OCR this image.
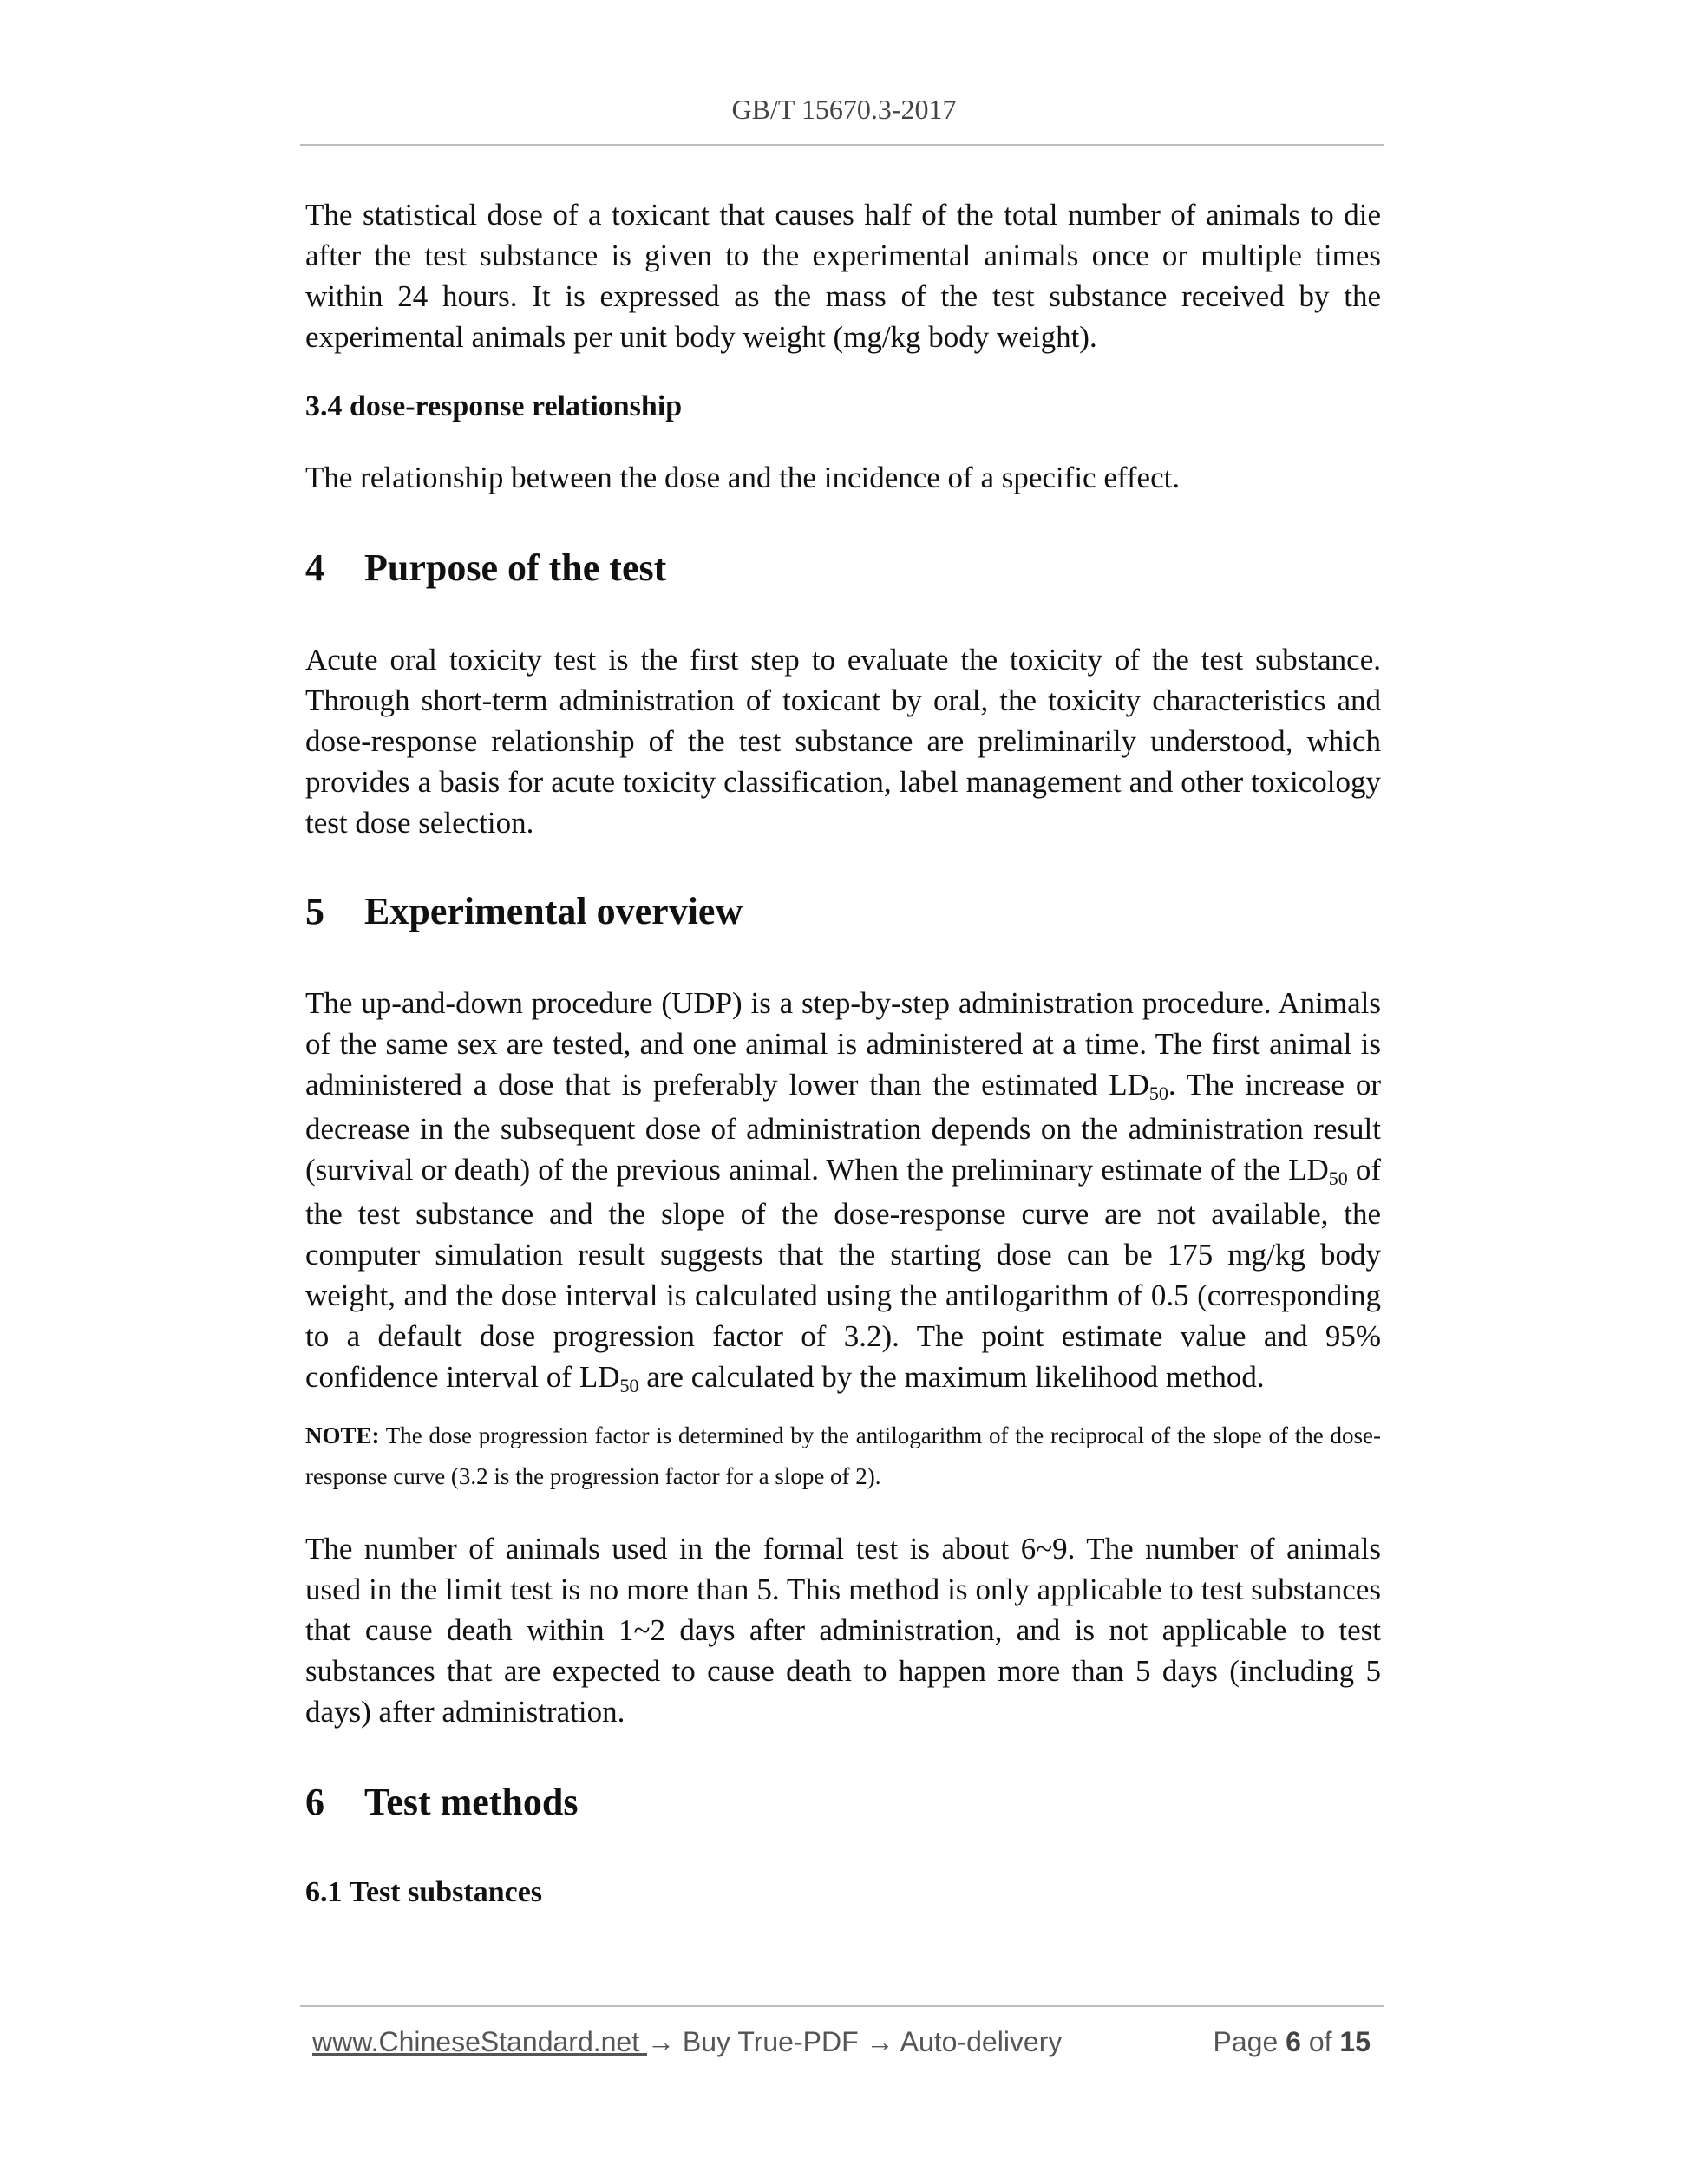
GB/T 15670.3-2017

The statistical dose of a toxicant that causes half of the total number of animals to die after the test substance is given to the experimental animals once or multiple times within 24 hours. It is expressed as the mass of the test substance received by the experimental animals per unit body weight (mg/kg body weight).

3.4 dose-response relationship

The relationship between the dose and the incidence of a specific effect.

4	Purpose of the test

Acute oral toxicity test is the first step to evaluate the toxicity of the test substance. Through short-term administration of toxicant by oral, the toxicity characteristics and dose-response relationship of the test substance are preliminarily understood, which provides a basis for acute toxicity classification, label management and other toxicology test dose selection.

5	Experimental overview

The up-and-down procedure (UDP) is a step-by-step administration procedure. Animals of the same sex are tested, and one animal is administered at a time. The first animal is administered a dose that is preferably lower than the estimated LD50. The increase or decrease in the subsequent dose of administration depends on the administration result (survival or death) of the previous animal. When the preliminary estimate of the LD50 of the test substance and the slope of the dose-response curve are not available, the computer simulation result suggests that the starting dose can be 175 mg/kg body weight, and the dose interval is calculated using the antilogarithm of 0.5 (corresponding to a default dose progression factor of 3.2). The point estimate value and 95% confidence interval of LD50 are calculated by the maximum likelihood method.

NOTE: The dose progression factor is determined by the antilogarithm of the reciprocal of the slope of the dose-response curve (3.2 is the progression factor for a slope of 2).

The number of animals used in the formal test is about 6~9. The number of animals used in the limit test is no more than 5. This method is only applicable to test substances that cause death within 1~2 days after administration, and is not applicable to test substances that are expected to cause death to happen more than 5 days (including 5 days) after administration.

6	Test methods
6.1 Test substances
www.ChineseStandard.net → Buy True-PDF → Auto-delivery	Page 6 of 15
